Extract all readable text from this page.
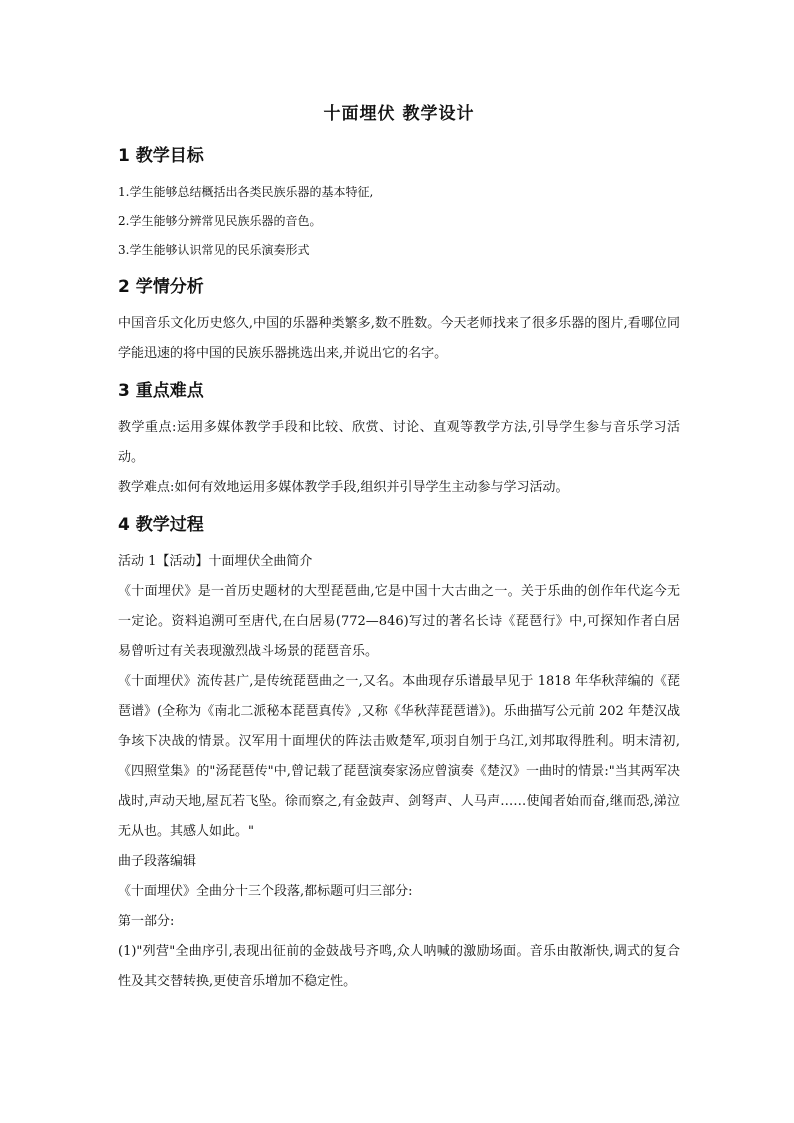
十面埋伏 教学设计
1 教学目标

1.学生能够总结概括出各类民族乐器的基本特征,

2.学生能够分辨常见民族乐器的音色。

3.学生能够认识常见的民乐演奏形式

2 学情分析

中国音乐文化历史悠久,中国的乐器种类繁多,数不胜数。今天老师找来了很多乐器的图片,看哪位同学能迅速的将中国的民族乐器挑选出来,并说出它的名字。

3 重点难点

教学重点:运用多媒体教学手段和比较、欣赏、讨论、直观等教学方法,引导学生参与音乐学习活动。

教学难点:如何有效地运用多媒体教学手段,组织并引导学生主动参与学习活动。

4 教学过程

活动 1【活动】十面埋伏全曲简介

《十面埋伏》是一首历史题材的大型琵琶曲,它是中国十大古曲之一。关于乐曲的创作年代迄今无一定论。资料追溯可至唐代,在白居易(772—846)写过的著名长诗《琵琶行》中,可探知作者白居易曾听过有关表现激烈战斗场景的琵琶音乐。

《十面埋伏》流传甚广,是传统琵琶曲之一,又名。本曲现存乐谱最早见于 1818 年华秋萍编的《琵琶谱》(全称为《南北二派秘本琵琶真传》,又称《华秋萍琵琶谱》)。乐曲描写公元前 202 年楚汉战争垓下决战的情景。汉军用十面埋伏的阵法击败楚军,项羽自刎于乌江,刘邦取得胜利。明末清初,《四照堂集》的"汤琵琶传"中,曾记载了琵琶演奏家汤应曾演奏《楚汉》一曲时的情景:"当其两军决战时,声动天地,屋瓦若飞坠。徐而察之,有金鼓声、剑弩声、人马声……使闻者始而奋,继而恐,涕泣无从也。其感人如此。"

曲子段落编辑

《十面埋伏》全曲分十三个段落,都标题可归三部分:

第一部分:

(1)"列营"全曲序引,表现出征前的金鼓战号齐鸣,众人呐喊的激励场面。音乐由散渐快,调式的复合性及其交替转换,更使音乐增加不稳定性。
